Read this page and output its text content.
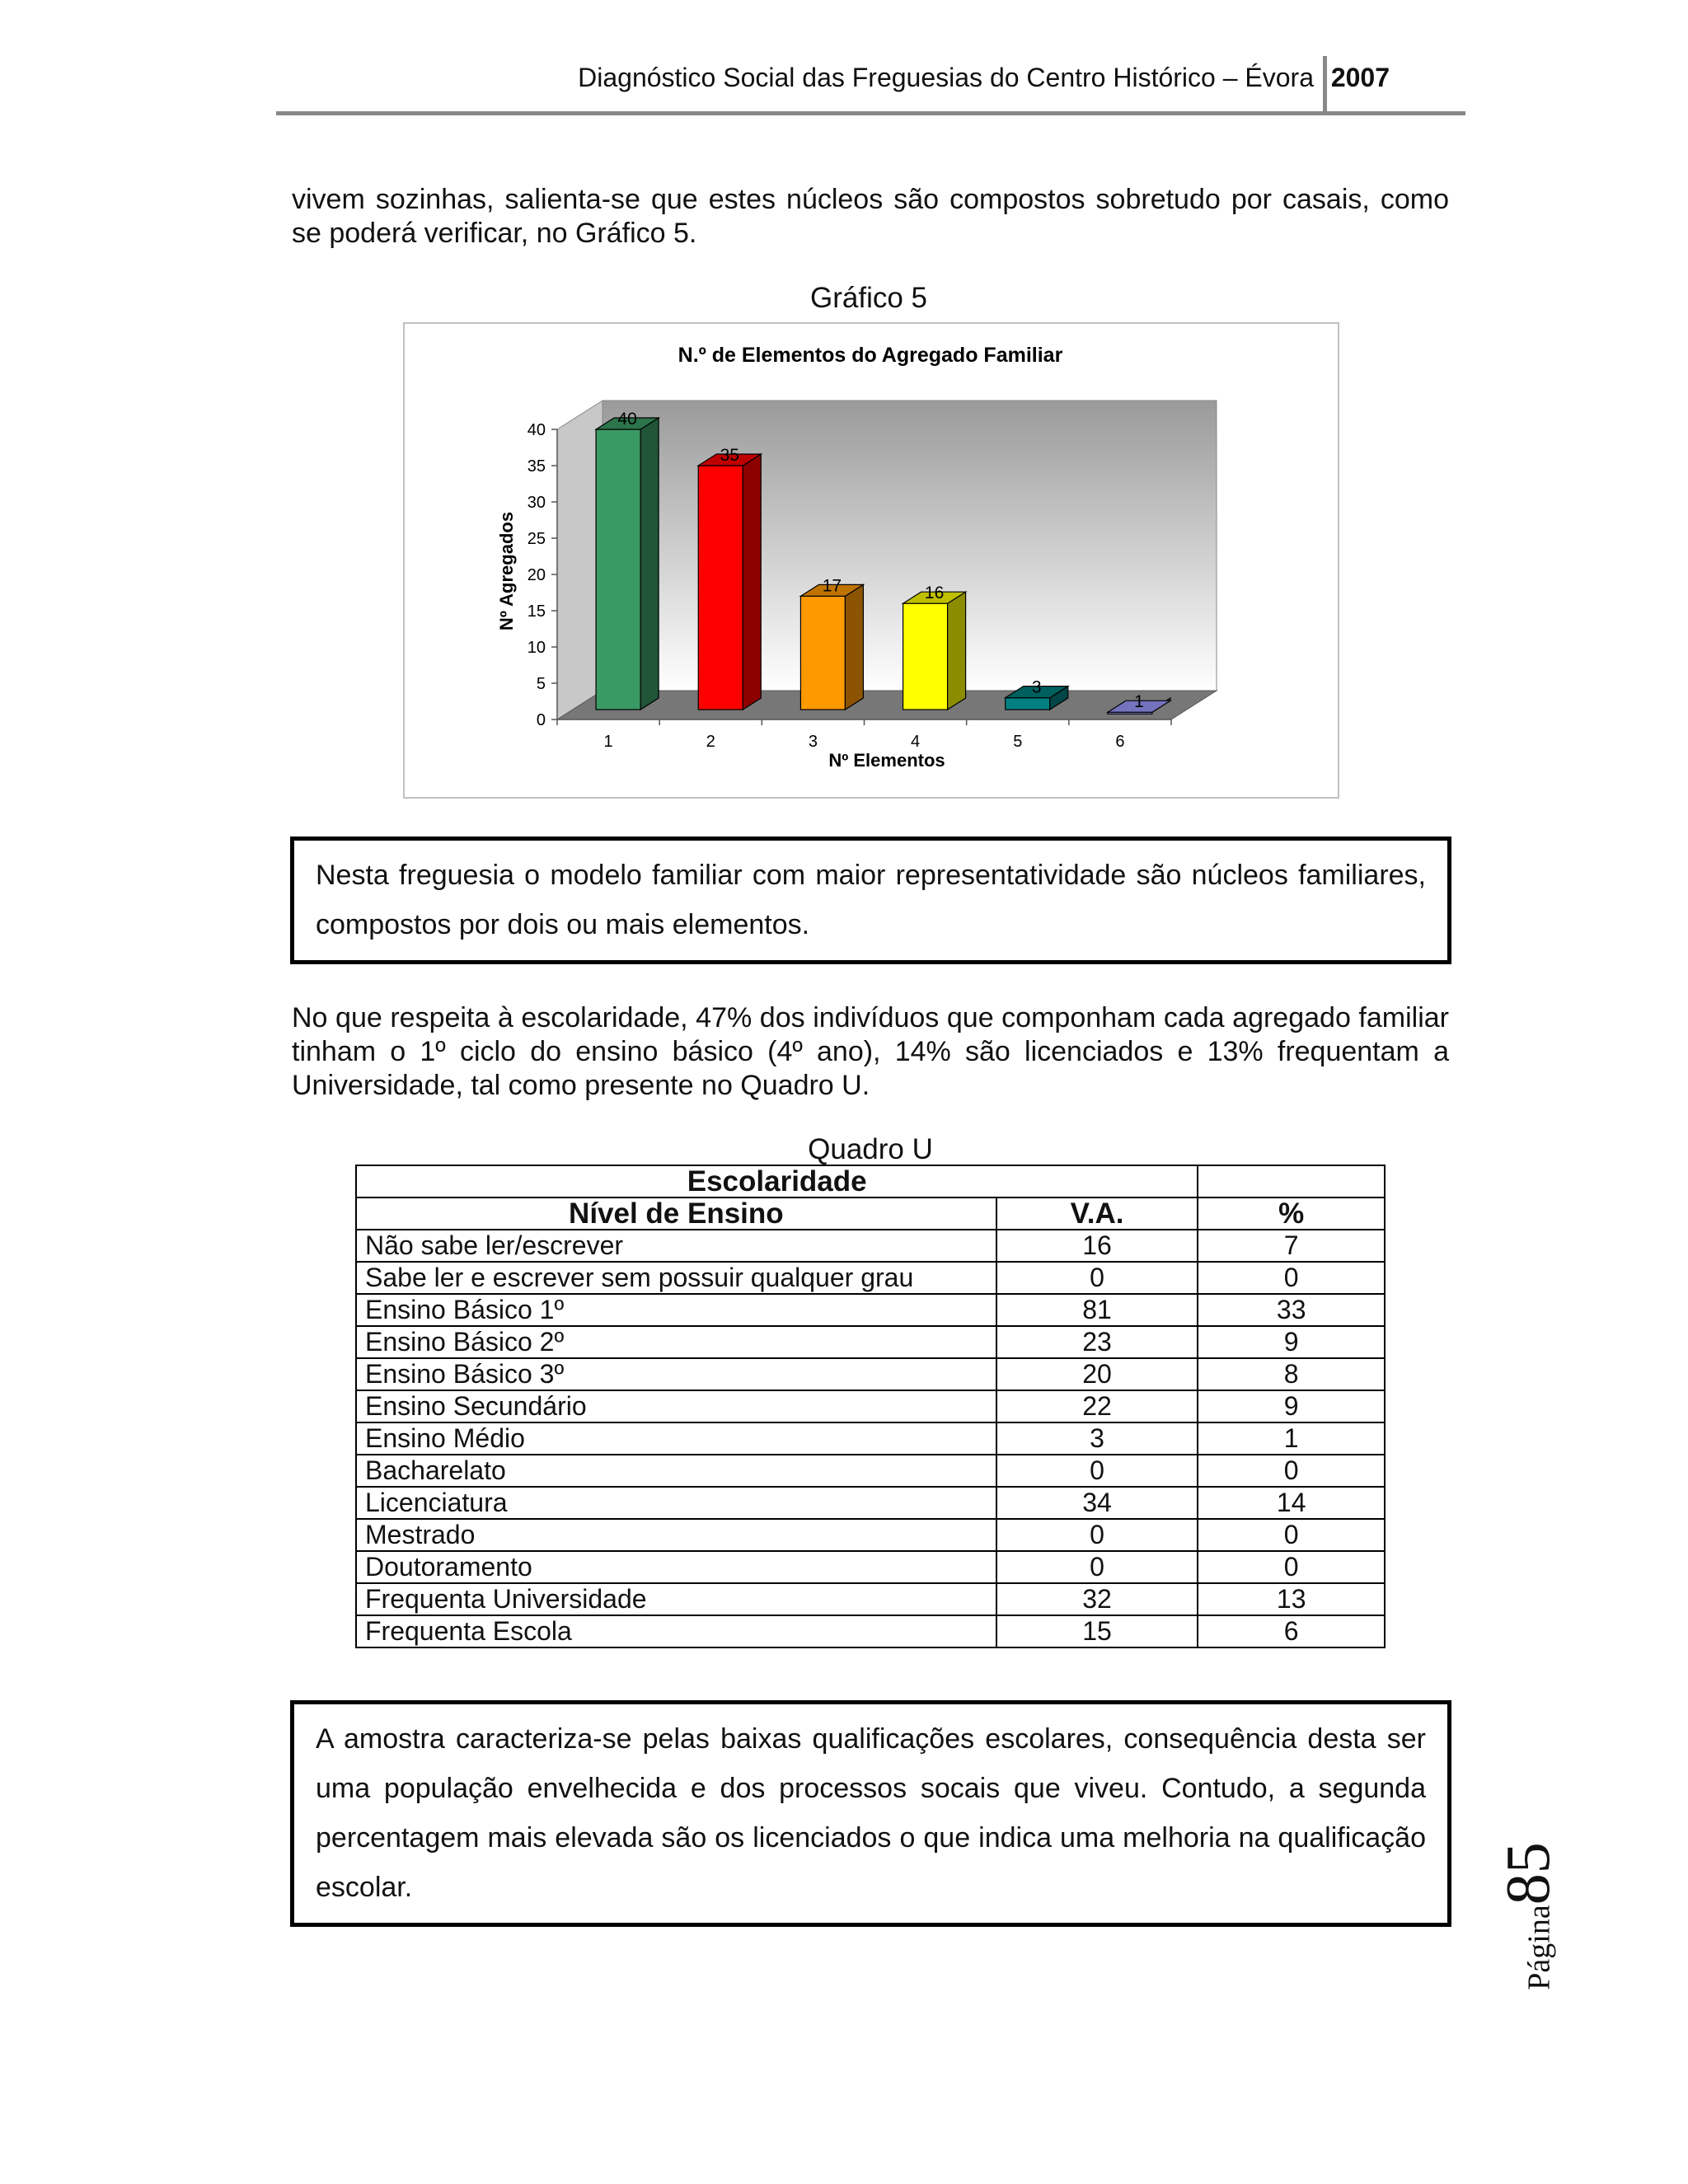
Diagnóstico Social das Freguesias do Centro Histórico – Évora 2007
vivem sozinhas, salienta-se que estes núcleos são compostos sobretudo por casais, como se poderá verificar, no Gráfico 5.
Gráfico 5
N.º de Elementos do Agregado Familiar
0
5
10
15
20
25
30
35
40
40
35
17	16
3
1
1	2	3	4	5	6
Nº Elementos
Nº Agregados
Nesta freguesia o modelo familiar com maior representatividade são núcleos familiares, compostos por dois ou mais elementos.
No que respeita à escolaridade, 47% dos indivíduos que componham cada agregado familiar tinham o 1º ciclo do ensino básico (4º ano), 14% são licenciados e 13% frequentam a Universidade, tal como presente no Quadro U.
Quadro U
Escolaridade		
Nível de Ensino	V.A.	%
Não sabe ler/escrever	16	7
Sabe ler e escrever sem possuir qualquer grau	0	0
Ensino Básico 1º	81	33
Ensino Básico 2º	23	9
Ensino Básico 3º	20	8
Ensino Secundário	22	9
Ensino Médio	3	1
Bacharelato	0	0
Licenciatura	34	14
Mestrado	0	0
Doutoramento	0	0
Frequenta Universidade	32	13
Frequenta Escola	15	6
A amostra caracteriza-se pelas baixas qualificações escolares, consequência desta ser uma população envelhecida e dos processos socais que viveu. Contudo, a segunda percentagem mais elevada são os licenciados o que indica uma melhoria na qualificação escolar.
Página85
